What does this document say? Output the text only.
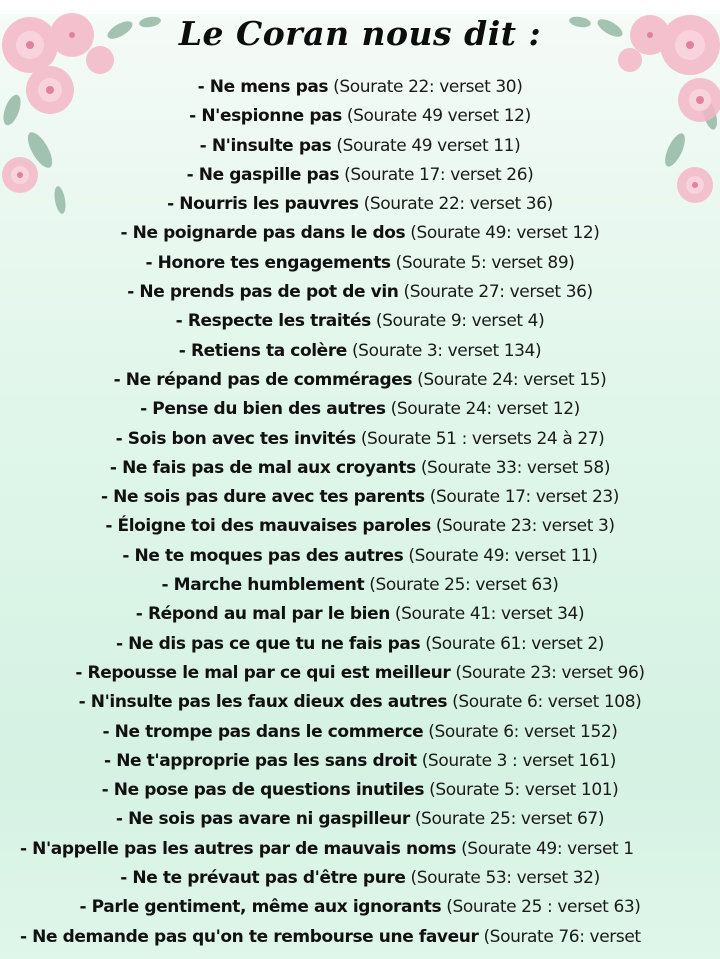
Le Coran nous dit :
- Ne mens pas (Sourate 22: verset 30)
- N'espionne pas (Sourate 49 verset 12)
- N'insulte pas (Sourate 49 verset 11)
- Ne gaspille pas (Sourate 17: verset 26)
- Nourris les pauvres (Sourate 22: verset 36)
- Ne poignarde pas dans le dos (Sourate 49: verset 12)
- Honore tes engagements (Sourate 5: verset 89)
- Ne prends pas de pot de vin (Sourate 27: verset 36)
- Respecte les traités (Sourate 9: verset 4)
- Retiens ta colère (Sourate 3: verset 134)
- Ne répand pas de commérages (Sourate 24: verset 15)
- Pense du bien des autres (Sourate 24: verset 12)
- Sois bon avec tes invités (Sourate 51 : versets 24 à 27)
- Ne fais pas de mal aux croyants (Sourate 33: verset 58)
- Ne sois pas dure avec tes parents (Sourate 17: verset 23)
- Éloigne toi des mauvaises paroles (Sourate 23: verset 3)
- Ne te moques pas des autres (Sourate 49: verset 11)
- Marche humblement (Sourate 25: verset 63)
- Répond au mal par le bien (Sourate 41: verset 34)
- Ne dis pas ce que tu ne fais pas (Sourate 61: verset 2)
- Repousse le mal par ce qui est meilleur (Sourate 23: verset 96)
- N'insulte pas les faux dieux des autres (Sourate 6: verset 108)
- Ne trompe pas dans le commerce (Sourate 6: verset 152)
- Ne t'approprie pas les sans droit (Sourate 3 : verset 161)
- Ne pose pas de questions inutiles (Sourate 5: verset 101)
- Ne sois pas avare ni gaspilleur (Sourate 25: verset 67)
- N'appelle pas les autres par de mauvais noms (Sourate 49: verset 1
- Ne te prévaut pas d'être pure (Sourate 53: verset 32)
- Parle gentiment, même aux ignorants (Sourate 25 : verset 63)
- Ne demande pas qu'on te rembourse une faveur (Sourate 76: verset
